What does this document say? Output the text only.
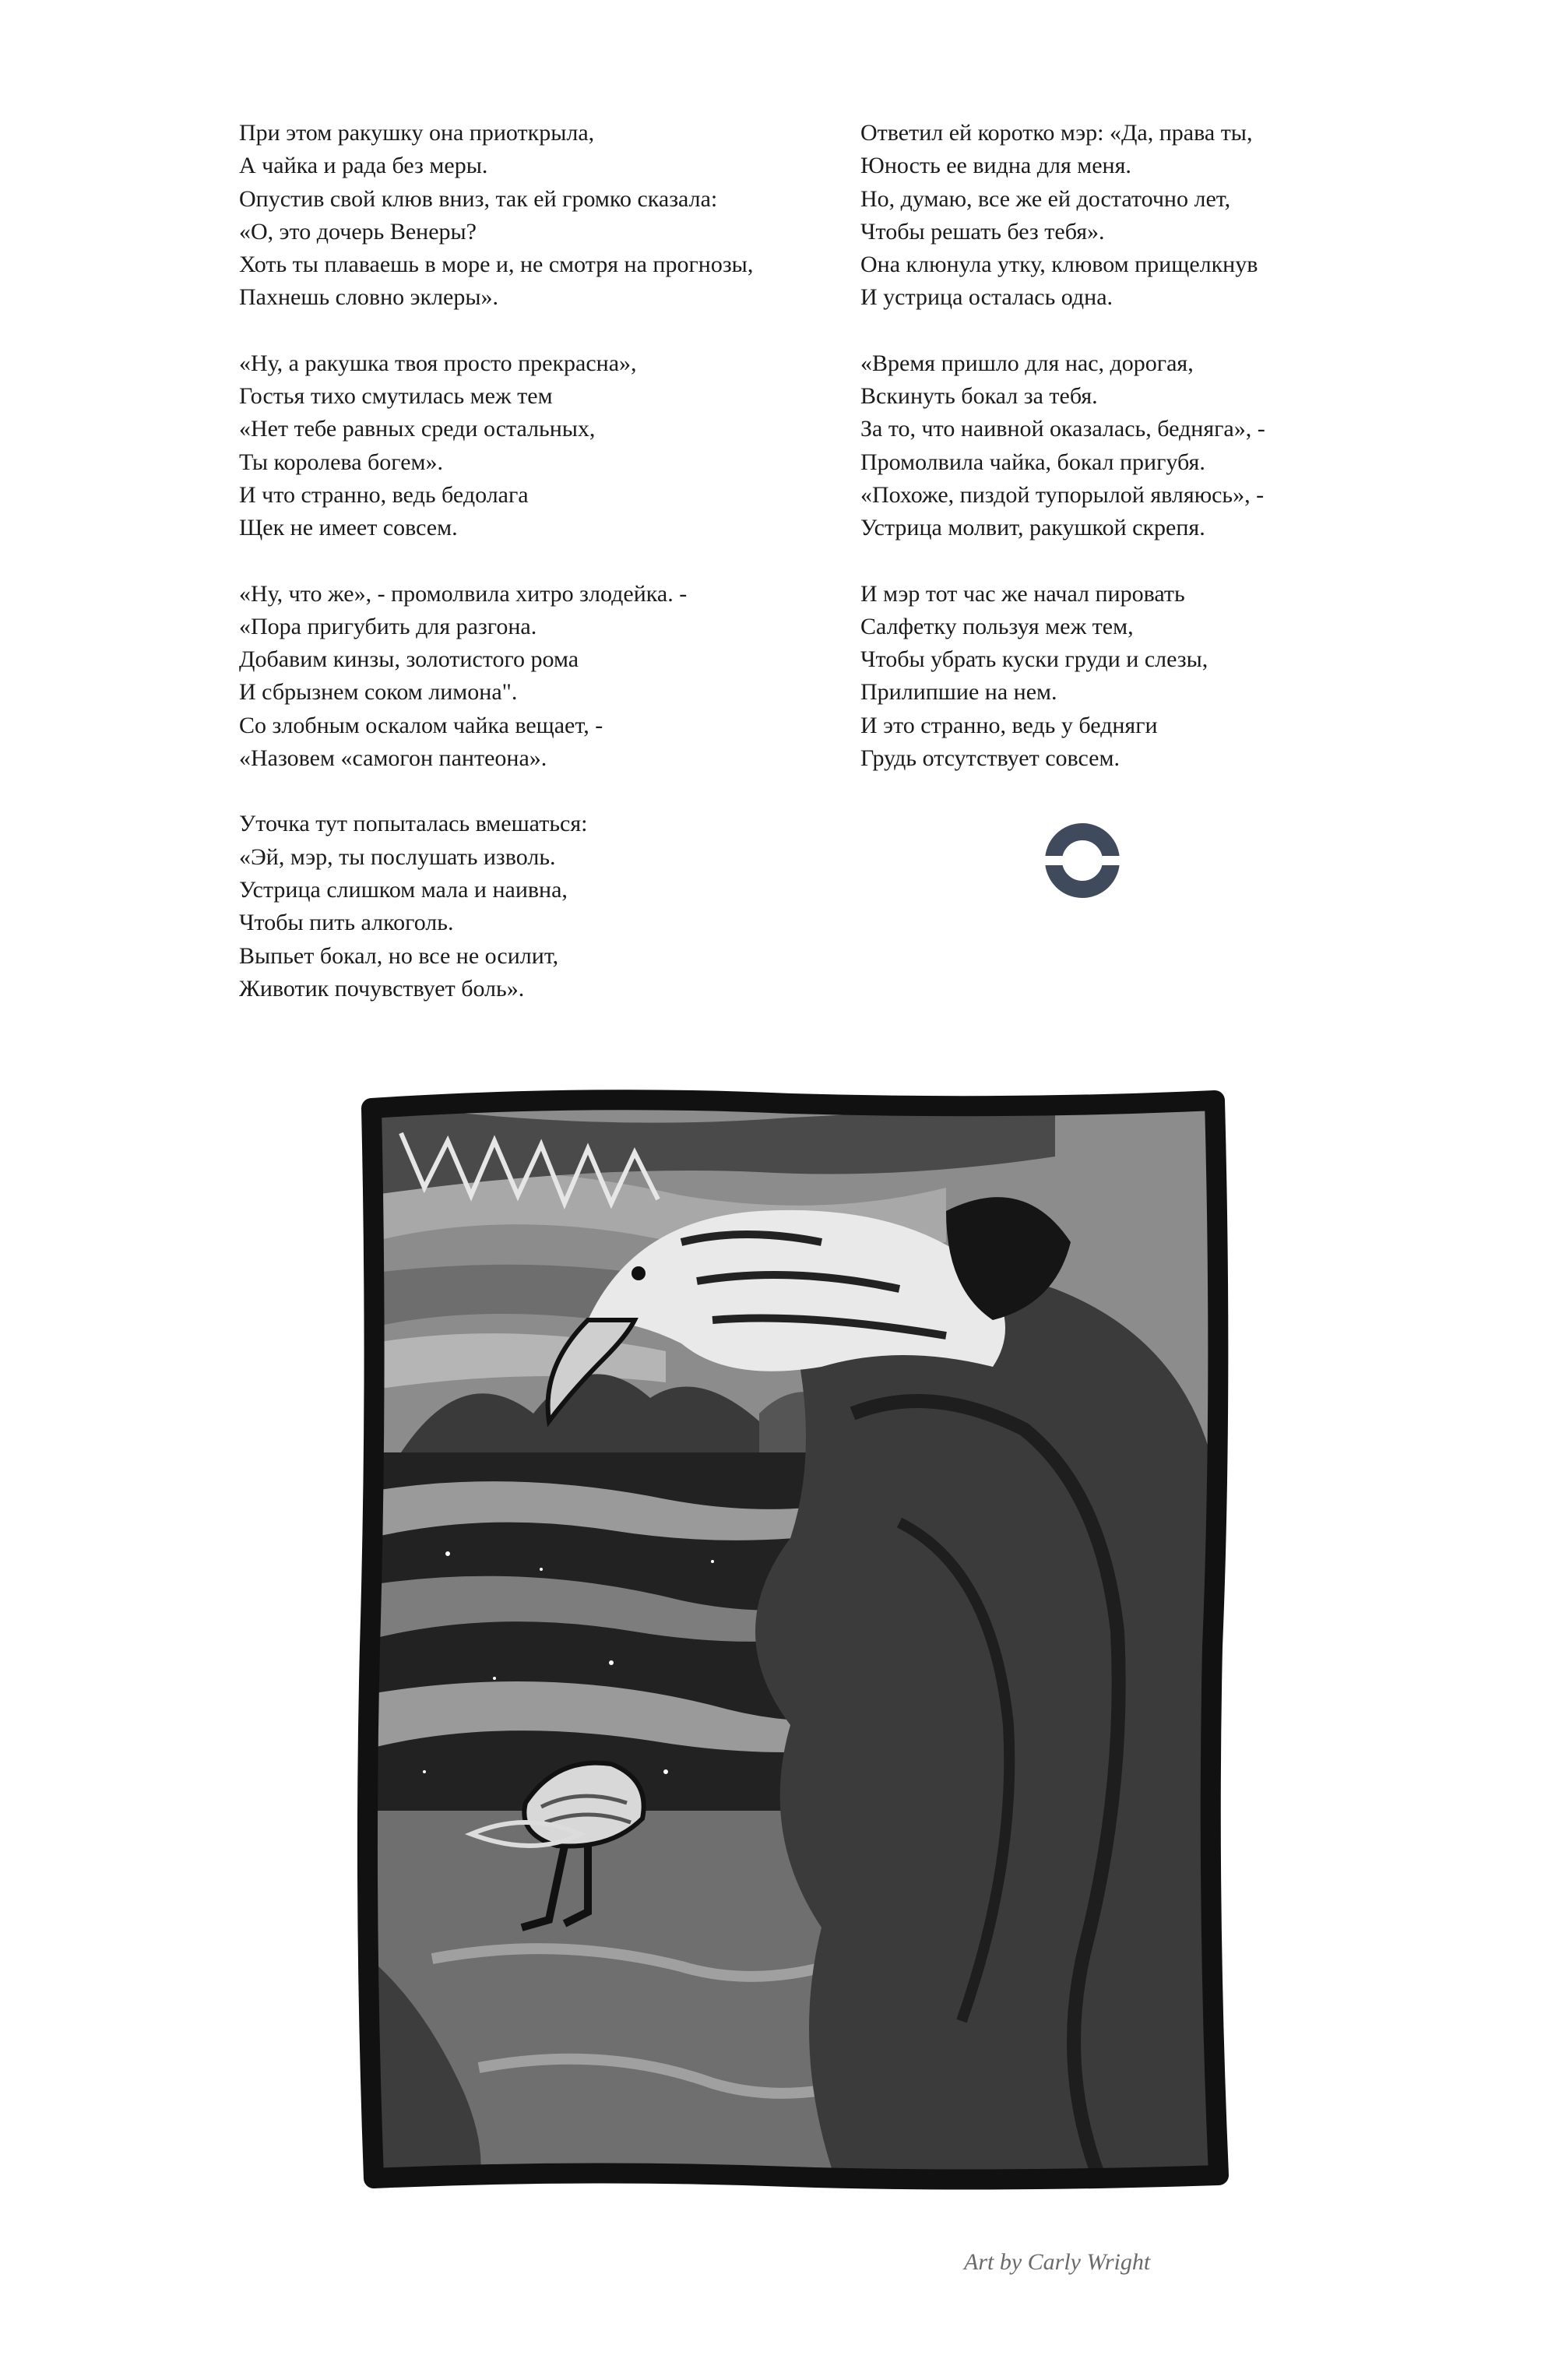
При этом ракушку она приоткрыла,
А чайка и рада без меры.
Опустив свой клюв вниз, так ей громко сказала:
«О, это дочерь Венеры?
Хоть ты плаваешь в море и, не смотря на прогнозы,
Пахнешь словно эклеры».
«Ну, а ракушка твоя просто прекрасна»,
Гостья тихо смутилась меж тем
«Нет тебе равных среди остальных,
Ты королева богем».
И что странно, ведь бедолага
Щек не имеет совсем.
«Ну, что же», - промолвила хитро злодейка. -
«Пора пригубить для разгона.
Добавим кинзы, золотистого рома
И сбрызнем соком лимона".
Со злобным оскалом чайка вещает, -
«Назовем «самогон пантеона».
Уточка тут попыталась вмешаться:
«Эй, мэр, ты послушать изволь.
Устрица слишком мала и наивна,
Чтобы пить алкоголь.
Выпьет бокал, но все не осилит,
Животик почувствует боль».
Ответил ей коротко мэр: «Да, права ты,
Юность ее видна для меня.
Но, думаю, все же ей достаточно лет,
Чтобы решать без тебя».
Она клюнула утку, клювом прищелкнув
И устрица осталась одна.
«Время пришло для нас, дорогая,
Вскинуть бокал за тебя.
За то, что наивной оказалась, бедняга», -
Промолвила чайка, бокал пригубя.
«Похоже, пиздой тупорылой являюсь», -
Устрица молвит, ракушкой скрепя.
И мэр тот час же начал пировать
Салфетку пользуя меж тем,
Чтобы убрать куски груди и слезы,
Прилипшие на нем.
И это странно, ведь у бедняги
Грудь отсутствует совсем.
Art by Carly Wright
